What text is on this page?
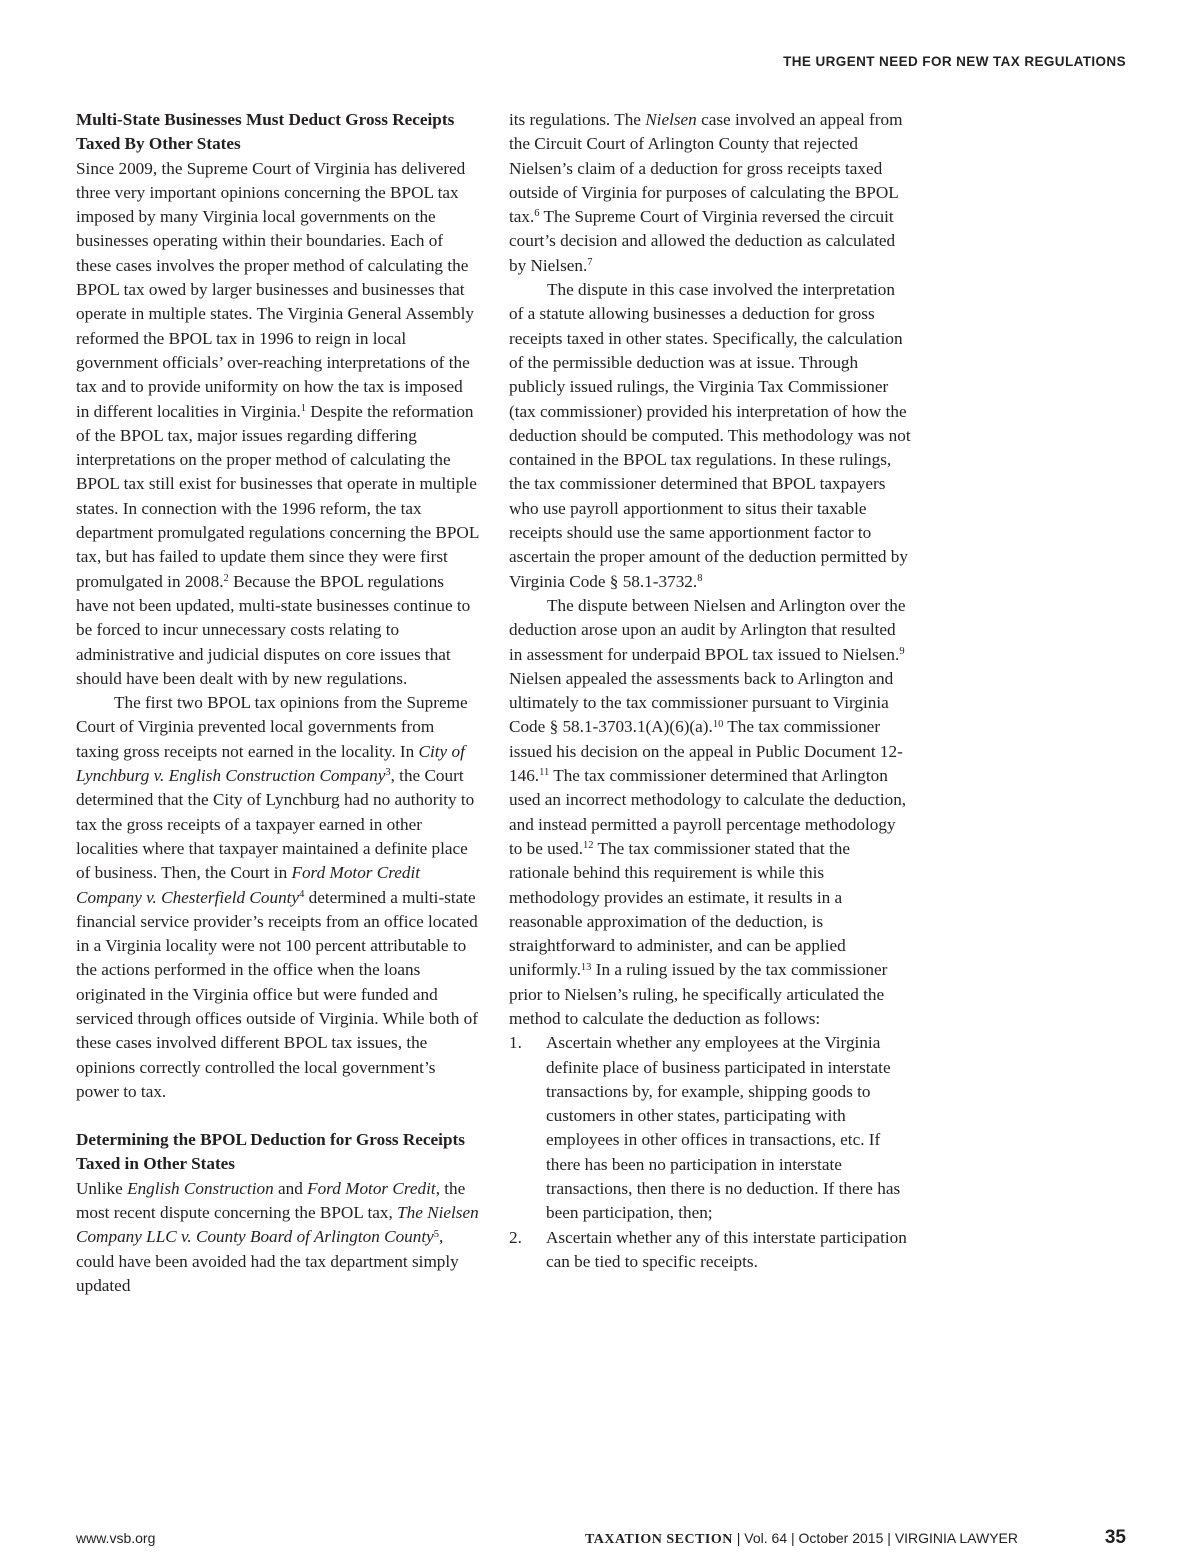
THE URGENT NEED FOR NEW TAX REGULATIONS
Multi-State Businesses Must Deduct Gross Receipts Taxed By Other States

Since 2009, the Supreme Court of Virginia has delivered three very important opinions concerning the BPOL tax imposed by many Virginia local governments on the businesses operating within their boundaries. Each of these cases involves the proper method of calculating the BPOL tax owed by larger businesses and businesses that operate in multiple states. The Virginia General Assembly reformed the BPOL tax in 1996 to reign in local government officials’ over-reaching interpretations of the tax and to provide uniformity on how the tax is imposed in different localities in Virginia.$^1$ Despite the reformation of the BPOL tax, major issues regarding differing interpretations on the proper method of calculating the BPOL tax still exist for businesses that operate in multiple states. In connection with the 1996 reform, the tax department promulgated regulations concerning the BPOL tax, but has failed to update them since they were first promulgated in 2008.$^2$ Because the BPOL regulations have not been updated, multi-state businesses continue to be forced to incur unnecessary costs relating to administrative and judicial disputes on core issues that should have been dealt with by new regulations.

The first two BPOL tax opinions from the Supreme Court of Virginia prevented local governments from taxing gross receipts not earned in the locality. In City of Lynchburg v. English Construction Company$^3$, the Court determined that the City of Lynchburg had no authority to tax the gross receipts of a taxpayer earned in other localities where that taxpayer maintained a definite place of business. Then, the Court in Ford Motor Credit Company v. Chesterfield County$^4$ determined a multi-state financial service provider’s receipts from an office located in a Virginia locality were not 100 percent attributable to the actions performed in the office when the loans originated in the Virginia office but were funded and serviced through offices outside of Virginia. While both of these cases involved different BPOL tax issues, the opinions correctly controlled the local government’s power to tax.

Determining the BPOL Deduction for Gross Receipts Taxed in Other States

Unlike English Construction and Ford Motor Credit, the most recent dispute concerning the BPOL tax, The Nielsen Company LLC v. County Board of Arlington County$^5$, could have been avoided had the tax department simply updated

its regulations. The Nielsen case involved an appeal from the Circuit Court of Arlington County that rejected Nielsen’s claim of a deduction for gross receipts taxed outside of Virginia for purposes of calculating the BPOL tax.$^6$ The Supreme Court of Virginia reversed the circuit court’s decision and allowed the deduction as calculated by Nielsen.$^7$

The dispute in this case involved the interpretation of a statute allowing businesses a deduction for gross receipts taxed in other states. Specifically, the calculation of the permissible deduction was at issue. Through publicly issued rulings, the Virginia Tax Commissioner (tax commissioner) provided his interpretation of how the deduction should be computed. This methodology was not contained in the BPOL tax regulations. In these rulings, the tax commissioner determined that BPOL taxpayers who use payroll apportionment to situs their taxable receipts should use the same apportionment factor to ascertain the proper amount of the deduction permitted by Virginia Code § 58.1-3732.$^8$

The dispute between Nielsen and Arlington over the deduction arose upon an audit by Arlington that resulted in assessment for underpaid BPOL tax issued to Nielsen.$^9$ Nielsen appealed the assessments back to Arlington and ultimately to the tax commissioner pursuant to Virginia Code § 58.1-3703.1(A)(6)(a).$^{10}$ The tax commissioner issued his decision on the appeal in Public Document 12-146.11 The tax commissioner determined that Arlington used an incorrect methodology to calculate the deduction, and instead permitted a payroll percentage methodology to be used.$^{12}$ The tax commissioner stated that the rationale behind this requirement is while this methodology provides an estimate, it results in a reasonable approximation of the deduction, is straightforward to administer, and can be applied uniformly.$^{13}$ In a ruling issued by the tax commissioner prior to Nielsen’s ruling, he specifically articulated the method to calculate the deduction as follows:

1. Ascertain whether any employees at the Virginia definite place of business participated in interstate transactions by, for example, shipping goods to customers in other states, participating with employees in other offices in transactions, etc. If there has been no participation in interstate transactions, then there is no deduction. If there has been participation, then;
2. Ascertain whether any of this interstate participation can be tied to specific receipts.
www.vsb.org	TAXATION SECTION | Vol. 64 | October 2015 | VIRGINIA LAWYER	35
